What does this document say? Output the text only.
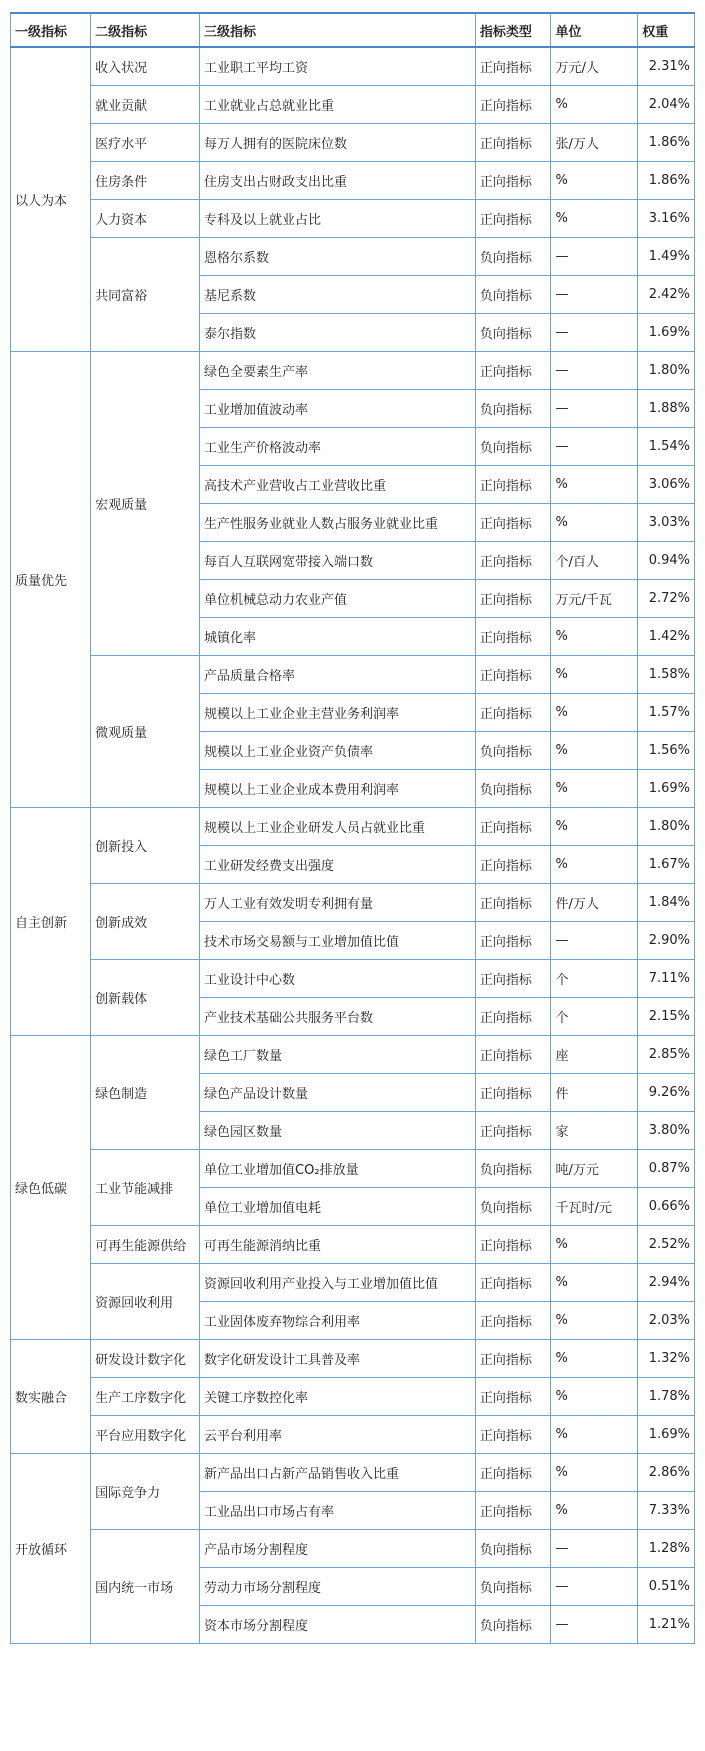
一级指标	二级指标	三级指标	指标类型	单位	权重
以人为本	收入状况	工业职工平均工资	正向指标	万元/人	2.31%
	就业贡献	工业就业占总就业比重	正向指标	%	2.04%
	医疗水平	每万人拥有的医院床位数	正向指标	张/万人	1.86%
	住房条件	住房支出占财政支出比重	正向指标	%	1.86%
	人力资本	专科及以上就业占比	正向指标	%	3.16%
	共同富裕	恩格尔系数	负向指标	—	1.49%
		基尼系数	负向指标	—	2.42%
		泰尔指数	负向指标	—	1.69%
质量优先	宏观质量	绿色全要素生产率	正向指标	—	1.80%
		工业增加值波动率	负向指标	—	1.88%
		工业生产价格波动率	负向指标	—	1.54%
		高技术产业营收占工业营收比重	正向指标	%	3.06%
		生产性服务业就业人数占服务业就业比重	正向指标	%	3.03%
		每百人互联网宽带接入端口数	正向指标	个/百人	0.94%
		单位机械总动力农业产值	正向指标	万元/千瓦	2.72%
		城镇化率	正向指标	%	1.42%
	微观质量	产品质量合格率	正向指标	%	1.58%
		规模以上工业企业主营业务利润率	正向指标	%	1.57%
		规模以上工业企业资产负债率	负向指标	%	1.56%
		规模以上工业企业成本费用利润率	负向指标	%	1.69%
自主创新	创新投入	规模以上工业企业研发人员占就业比重	正向指标	%	1.80%
		工业研发经费支出强度	正向指标	%	1.67%
	创新成效	万人工业有效发明专利拥有量	正向指标	件/万人	1.84%
		技术市场交易额与工业增加值比值	正向指标	—	2.90%
	创新载体	工业设计中心数	正向指标	个	7.11%
		产业技术基础公共服务平台数	正向指标	个	2.15%
绿色低碳	绿色制造	绿色工厂数量	正向指标	座	2.85%
		绿色产品设计数量	正向指标	件	9.26%
		绿色园区数量	正向指标	家	3.80%
	工业节能减排	单位工业增加值CO₂排放量	负向指标	吨/万元	0.87%
		单位工业增加值电耗	负向指标	千瓦时/元	0.66%
	可再生能源供给	可再生能源消纳比重	正向指标	%	2.52%
	资源回收利用	资源回收利用产业投入与工业增加值比值	正向指标	%	2.94%
		工业固体废弃物综合利用率	正向指标	%	2.03%
数实融合	研发设计数字化	数字化研发设计工具普及率	正向指标	%	1.32%
	生产工序数字化	关键工序数控化率	正向指标	%	1.78%
	平台应用数字化	云平台利用率	正向指标	%	1.69%
开放循环	国际竞争力	新产品出口占新产品销售收入比重	正向指标	%	2.86%
		工业品出口市场占有率	正向指标	%	7.33%
	国内统一市场	产品市场分割程度	负向指标	—	1.28%
		劳动力市场分割程度	负向指标	—	0.51%
		资本市场分割程度	负向指标	—	1.21%
